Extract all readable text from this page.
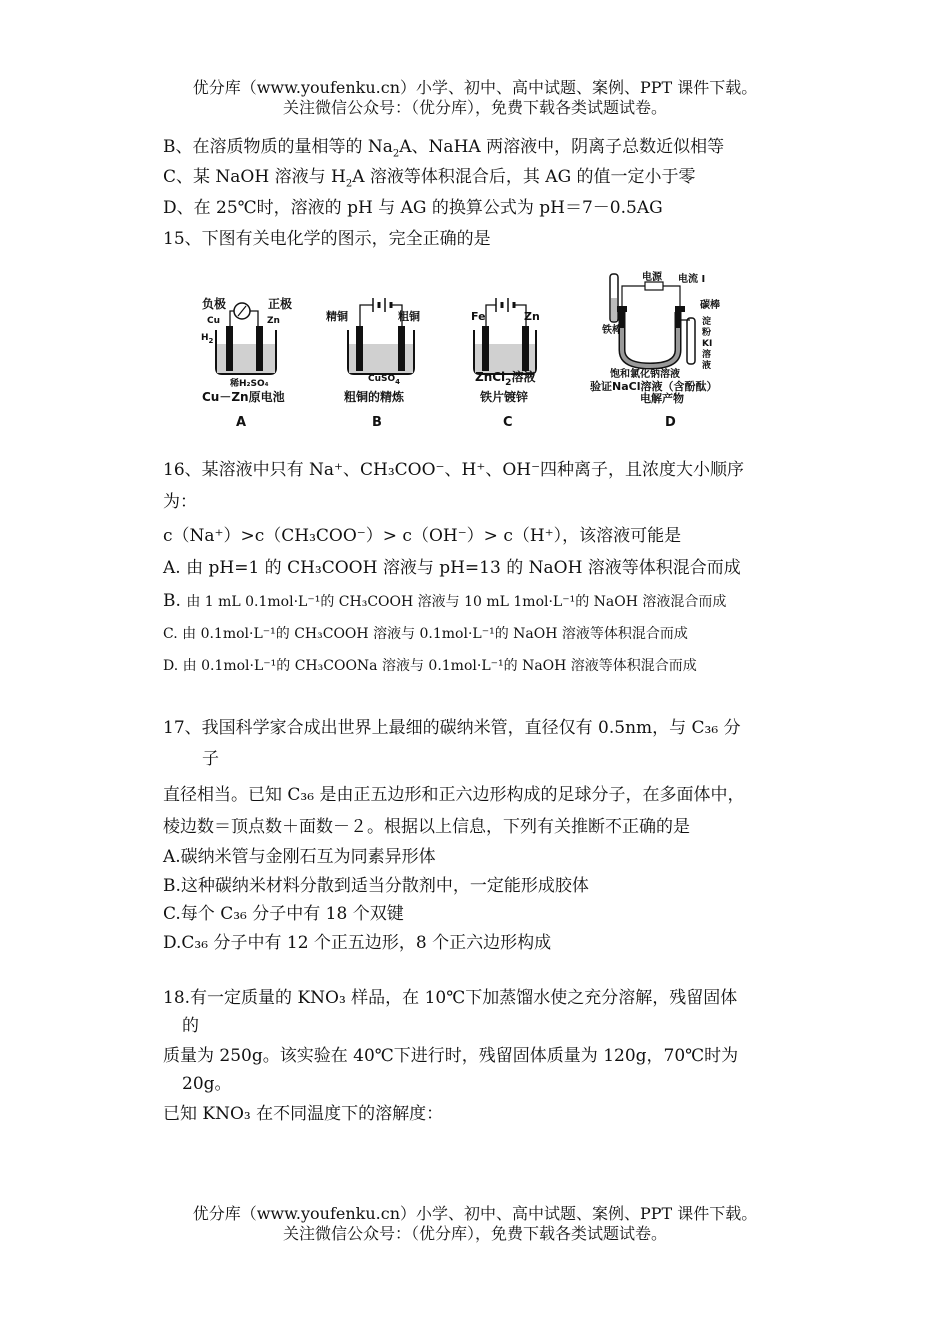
优分库（www.youfenku.cn）小学、初中、高中试题、案例、PPT 课件下载。
关注微信公众号：（优分库），免费下载各类试题试卷。
B、在溶质物质的量相等的 $Na_2A$、NaHA 两溶液中，阴离子总数近似相等
C、某 NaOH 溶液与 $H_2A$ 溶液等体积混合后，其 AG 的值一定小于零
D、在 25℃时，溶液的 pH 与 AG 的换算公式为 pH＝7－0.5AG
15、下图有关电化学的图示，完全正确的是
负极	正极
Cu	Zn
$H_2$
稀H₂SO₄
Cu－Zn原电池
A
精铜	粗铜
CuSO$_4$
粗铜的精炼
B
Fe	Zn
ZnCl$_2$溶液
铁片镀锌
C
电源 电流 I
碳棒
铁棒
淀
粉
KI
溶
液
饱和氯化钠溶液
验证NaCl溶液（含酚酞）
电解产物
D
16、某溶液中只有 Na⁺、CH₃COO⁻、H⁺、OH⁻四种离子，且浓度大小顺序
为：
c（Na⁺）>c（CH₃COO⁻）> c（OH⁻）> c（H⁺），该溶液可能是
A. 由 pH=1 的 CH₃COOH 溶液与 pH=13 的 NaOH 溶液等体积混合而成
B. 由 1 mL 0.1mol·L⁻¹的 CH₃COOH 溶液与 10 mL 1mol·L⁻¹的 NaOH 溶液混合而成
C. 由 0.1mol·L⁻¹的 CH₃COOH 溶液与 0.1mol·L⁻¹的 NaOH 溶液等体积混合而成
D. 由 0.1mol·L⁻¹的 CH₃COONa 溶液与 0.1mol·L⁻¹的 NaOH 溶液等体积混合而成
17、我国科学家合成出世界上最细的碳纳米管，直径仅有 0.5nm，与 C₃₆ 分
子
直径相当。已知 C₃₆ 是由正五边形和正六边形构成的足球分子，在多面体中，
棱边数＝顶点数＋面数－２。根据以上信息，下列有关推断不正确的是
A.碳纳米管与金刚石互为同素异形体
B.这种碳纳米材料分散到适当分散剂中，一定能形成胶体
C.每个 C₃₆ 分子中有 18 个双键
D.C₃₆ 分子中有 12 个正五边形，8 个正六边形构成
18.有一定质量的 KNO₃ 样品，在 10℃下加蒸馏水使之充分溶解，残留固体
的
质量为 250g。该实验在 40℃下进行时，残留固体质量为 120g，70℃时为
20g。
已知 KNO₃ 在不同温度下的溶解度：
优分库（www.youfenku.cn）小学、初中、高中试题、案例、PPT 课件下载。
关注微信公众号：（优分库），免费下载各类试题试卷。
